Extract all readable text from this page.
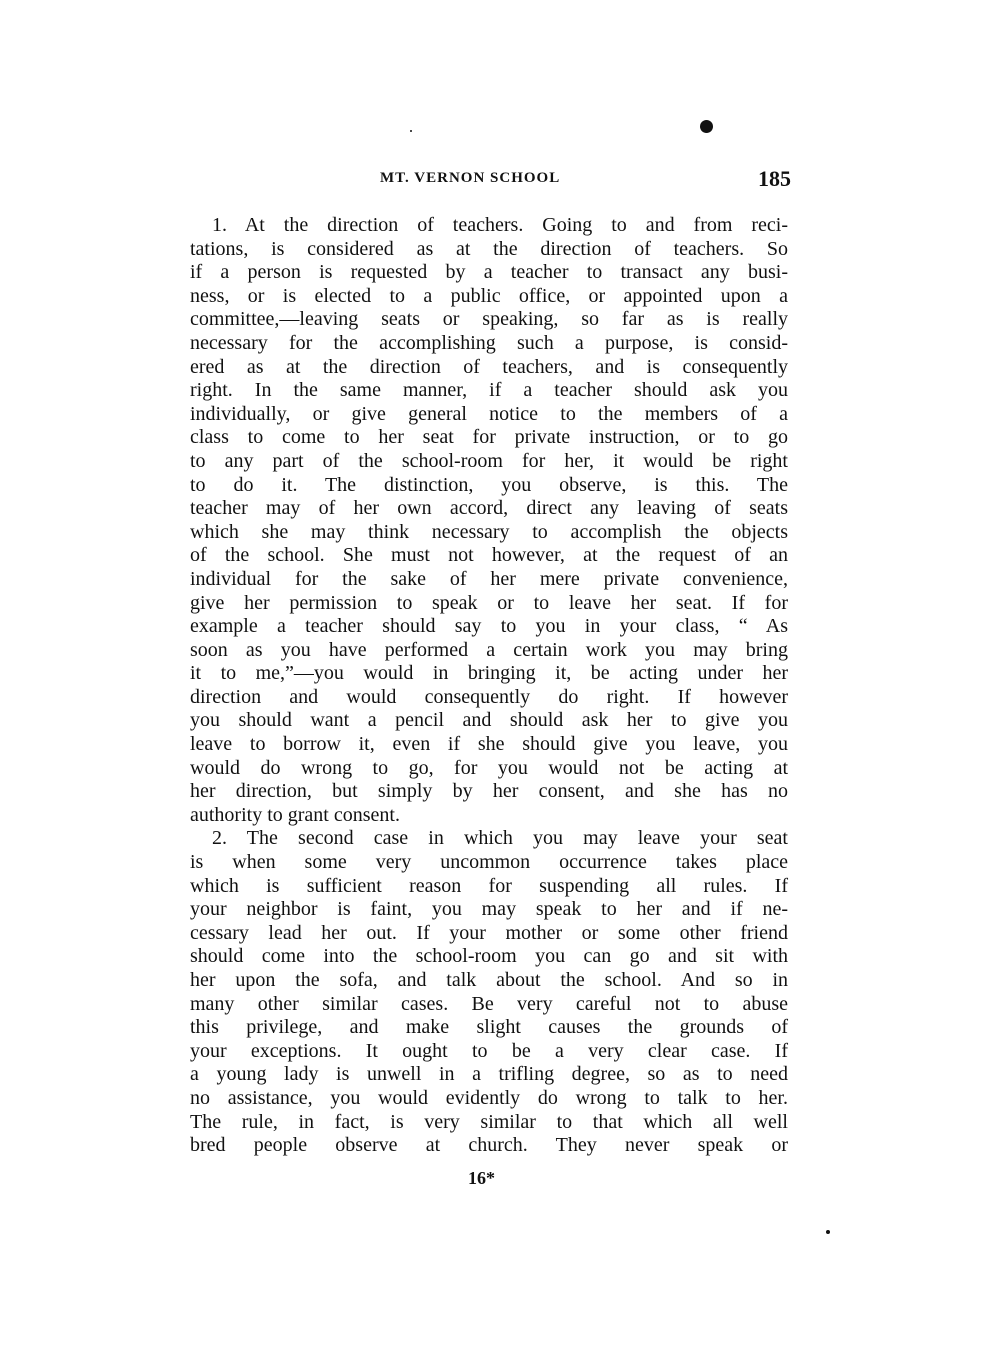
MT. VERNON SCHOOL	185
1. At the direction of teachers. Going to and from reci-
tations, is considered as at the direction of teachers. So
if a person is requested by a teacher to transact any busi-
ness, or is elected to a public office, or appointed upon a
committee,—leaving seats or speaking, so far as is really
necessary for the accomplishing such a purpose, is consid-
ered as at the direction of teachers, and is consequently
right. In the same manner, if a teacher should ask you
individually, or give general notice to the members of a
class to come to her seat for private instruction, or to go
to any part of the school-room for her, it would be right
to do it. The distinction, you observe, is this. The
teacher may of her own accord, direct any leaving of seats
which she may think necessary to accomplish the objects
of the school. She must not however, at the request of an
individual for the sake of her mere private convenience,
give her permission to speak or to leave her seat. If for
example a teacher should say to you in your class, “ As
soon as you have performed a certain work you may bring
it to me,”—you would in bringing it, be acting under her
direction and would consequently do right. If however
you should want a pencil and should ask her to give you
leave to borrow it, even if she should give you leave, you
would do wrong to go, for you would not be acting at
her direction, but simply by her consent, and she has no
authority to grant consent.
2. The second case in which you may leave your seat
is when some very uncommon occurrence takes place
which is sufficient reason for suspending all rules. If
your neighbor is faint, you may speak to her and if ne-
cessary lead her out. If your mother or some other friend
should come into the school-room you can go and sit with
her upon the sofa, and talk about the school. And so in
many other similar cases. Be very careful not to abuse
this privilege, and make slight causes the grounds of
your exceptions. It ought to be a very clear case. If
a young lady is unwell in a trifling degree, so as to need
no assistance, you would evidently do wrong to talk to her.
The rule, in fact, is very similar to that which all well
bred people observe at church. They never speak or
16*
